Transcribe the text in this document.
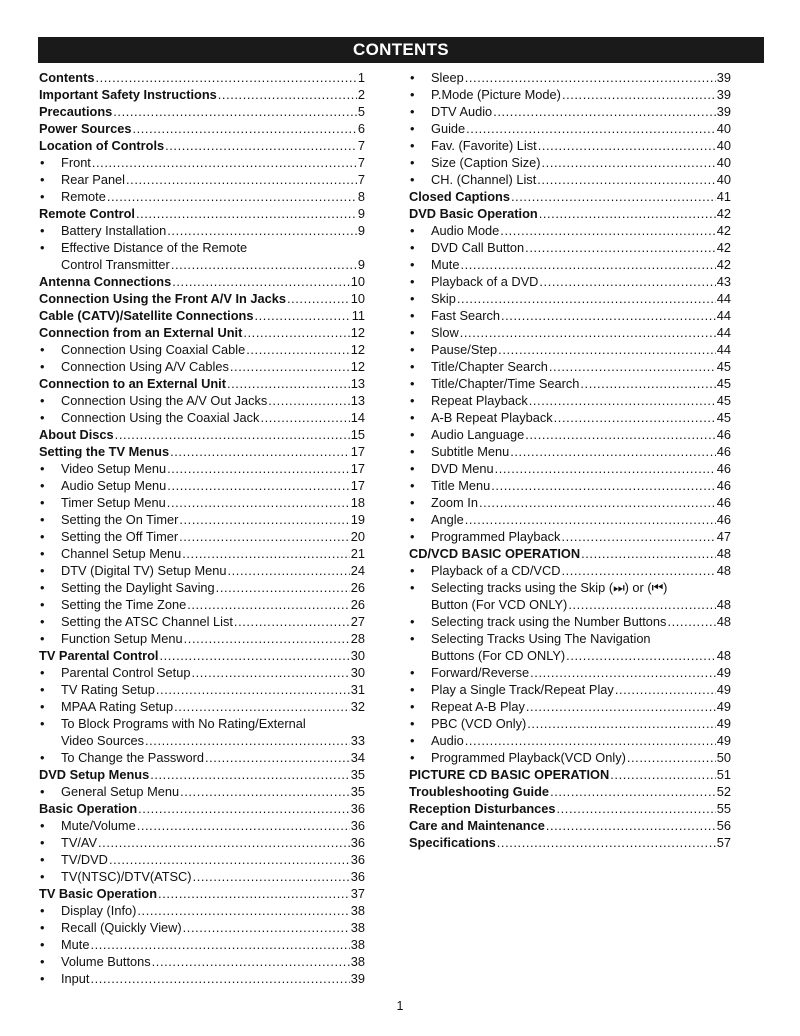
CONTENTS
Contents .....	1
Important Safety Instructions .....	2
Precautions .....	5
Power Sources .....	6
Location of Controls .....	7
•	Front .....	7
•	Rear Panel .....	7
•	Remote .....	8
Remote Control .....	9
•	Battery Installation .....	9
•	Effective Distance of the Remote
Control Transmitter .....	9
Antenna Connections .....	10
Connection Using the Front A/V In Jacks .....	10
Cable (CATV)/Satellite Connections .....	11
Connection from an External Unit .....	12
•	Connection Using Coaxial Cable .....	12
•	Connection Using A/V Cables .....	12
Connection to an External Unit .....	13
•	Connection Using the A/V Out Jacks .....	13
•	Connection Using the Coaxial Jack .....	14
About Discs .....	15
Setting the TV Menus .....	17
•	Video Setup Menu .....	17
•	Audio Setup Menu .....	17
•	Timer Setup Menu .....	18
•	Setting the On Timer .....	19
•	Setting the Off Timer .....	20
•	Channel Setup Menu .....	21
•	DTV (Digital TV) Setup Menu .....	24
•	Setting the Daylight Saving .....	26
•	Setting the Time Zone .....	26
•	Setting the ATSC Channel List .....	27
•	Function Setup Menu .....	28
TV Parental Control .....	30
•	Parental Control Setup .....	30
•	TV Rating Setup .....	31
•	MPAA Rating Setup .....	32
•	To Block Programs with No Rating/External
Video Sources .....	33
•	To Change the Password .....	34
DVD Setup Menus .....	35
•	General Setup Menu .....	35
Basic Operation .....	36
•	Mute/Volume .....	36
•	TV/AV .....	36
•	TV/DVD .....	36
•	TV(NTSC)/DTV(ATSC) .....	36
TV Basic Operation .....	37
•	Display (Info) .....	38
•	Recall (Quickly View) .....	38
•	Mute .....	38
•	Volume Buttons .....	38
•	Input .....	39
•	Sleep .....	39
•	P.Mode (Picture Mode) .....	39
•	DTV Audio .....	39
•	Guide .....	40
•	Fav. (Favorite) List .....	40
•	Size (Caption Size) .....	40
•	CH. (Channel) List .....	40
Closed Captions .....	41
DVD Basic Operation .....	42
•	Audio Mode .....	42
•	DVD Call Button .....	42
•	Mute .....	42
•	Playback of a DVD .....	43
•	Skip .....	44
•	Fast Search .....	44
•	Slow .....	44
•	Pause/Step .....	44
•	Title/Chapter Search .....	45
•	Title/Chapter/Time Search .....	45
•	Repeat Playback .....	45
•	A-B Repeat Playback .....	45
•	Audio Language .....	46
•	Subtitle Menu .....	46
•	DVD Menu .....	46
•	Title Menu .....	46
•	Zoom In .....	46
•	Angle .....	46
•	Programmed Playback .....	47
CD/VCD BASIC OPERATION .....	48
•	Playback of a CD/VCD .....	48
•	Selecting tracks using the Skip (⏭) or (⏮)
Button (For VCD ONLY) .....	48
•	Selecting track using the Number Buttons .....	48
•	Selecting Tracks Using The Navigation
Buttons (For CD ONLY) .....	48
•	Forward/Reverse .....	49
•	Play a Single Track/Repeat Play .....	49
•	Repeat A-B Play .....	49
•	PBC (VCD Only) .....	49
•	Audio .....	49
•	Programmed Playback(VCD Only) .....	50
PICTURE CD BASIC OPERATION .....	51
Troubleshooting Guide .....	52
Reception Disturbances .....	55
Care and Maintenance .....	56
Specifications .....	57
1
